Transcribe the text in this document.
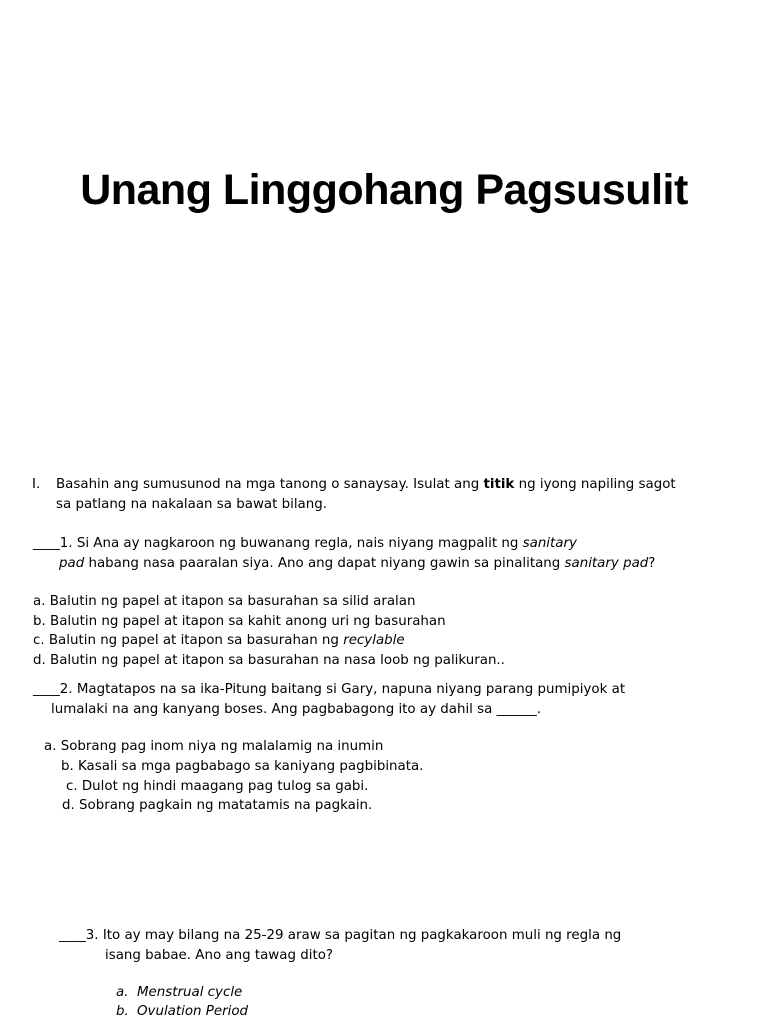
Unang Linggohang Pagsusulit
I. Basahin ang sumusunod na mga tanong o sanaysay. Isulat ang titik ng iyong napiling sagot
sa patlang na nakalaan sa bawat bilang.
____1. Si Ana ay nagkaroon ng buwanang regla, nais niyang magpalit ng sanitary
pad habang nasa paaralan siya. Ano ang dapat niyang gawin sa pinalitang sanitary pad?
a. Balutin ng papel at itapon sa basurahan sa silid aralan
b. Balutin ng papel at itapon sa kahit anong uri ng basurahan
c. Balutin ng papel at itapon sa basurahan ng recylable
d. Balutin ng papel at itapon sa basurahan na nasa loob ng palikuran..
____2. Magtatapos na sa ika-Pitung baitang si Gary, napuna niyang parang pumipiyok at
lumalaki na ang kanyang boses. Ang pagbabagong ito ay dahil sa ______.
a. Sobrang pag inom niya ng malalamig na inumin
b. Kasali sa mga pagbabago sa kaniyang pagbibinata.
c. Dulot ng hindi maagang pag tulog sa gabi.
d. Sobrang pagkain ng matatamis na pagkain.
____3. Ito ay may bilang na 25-29 araw sa pagitan ng pagkakaroon muli ng regla ng
isang babae. Ano ang tawag dito?
a. Menstrual cycle
b. Ovulation Period
